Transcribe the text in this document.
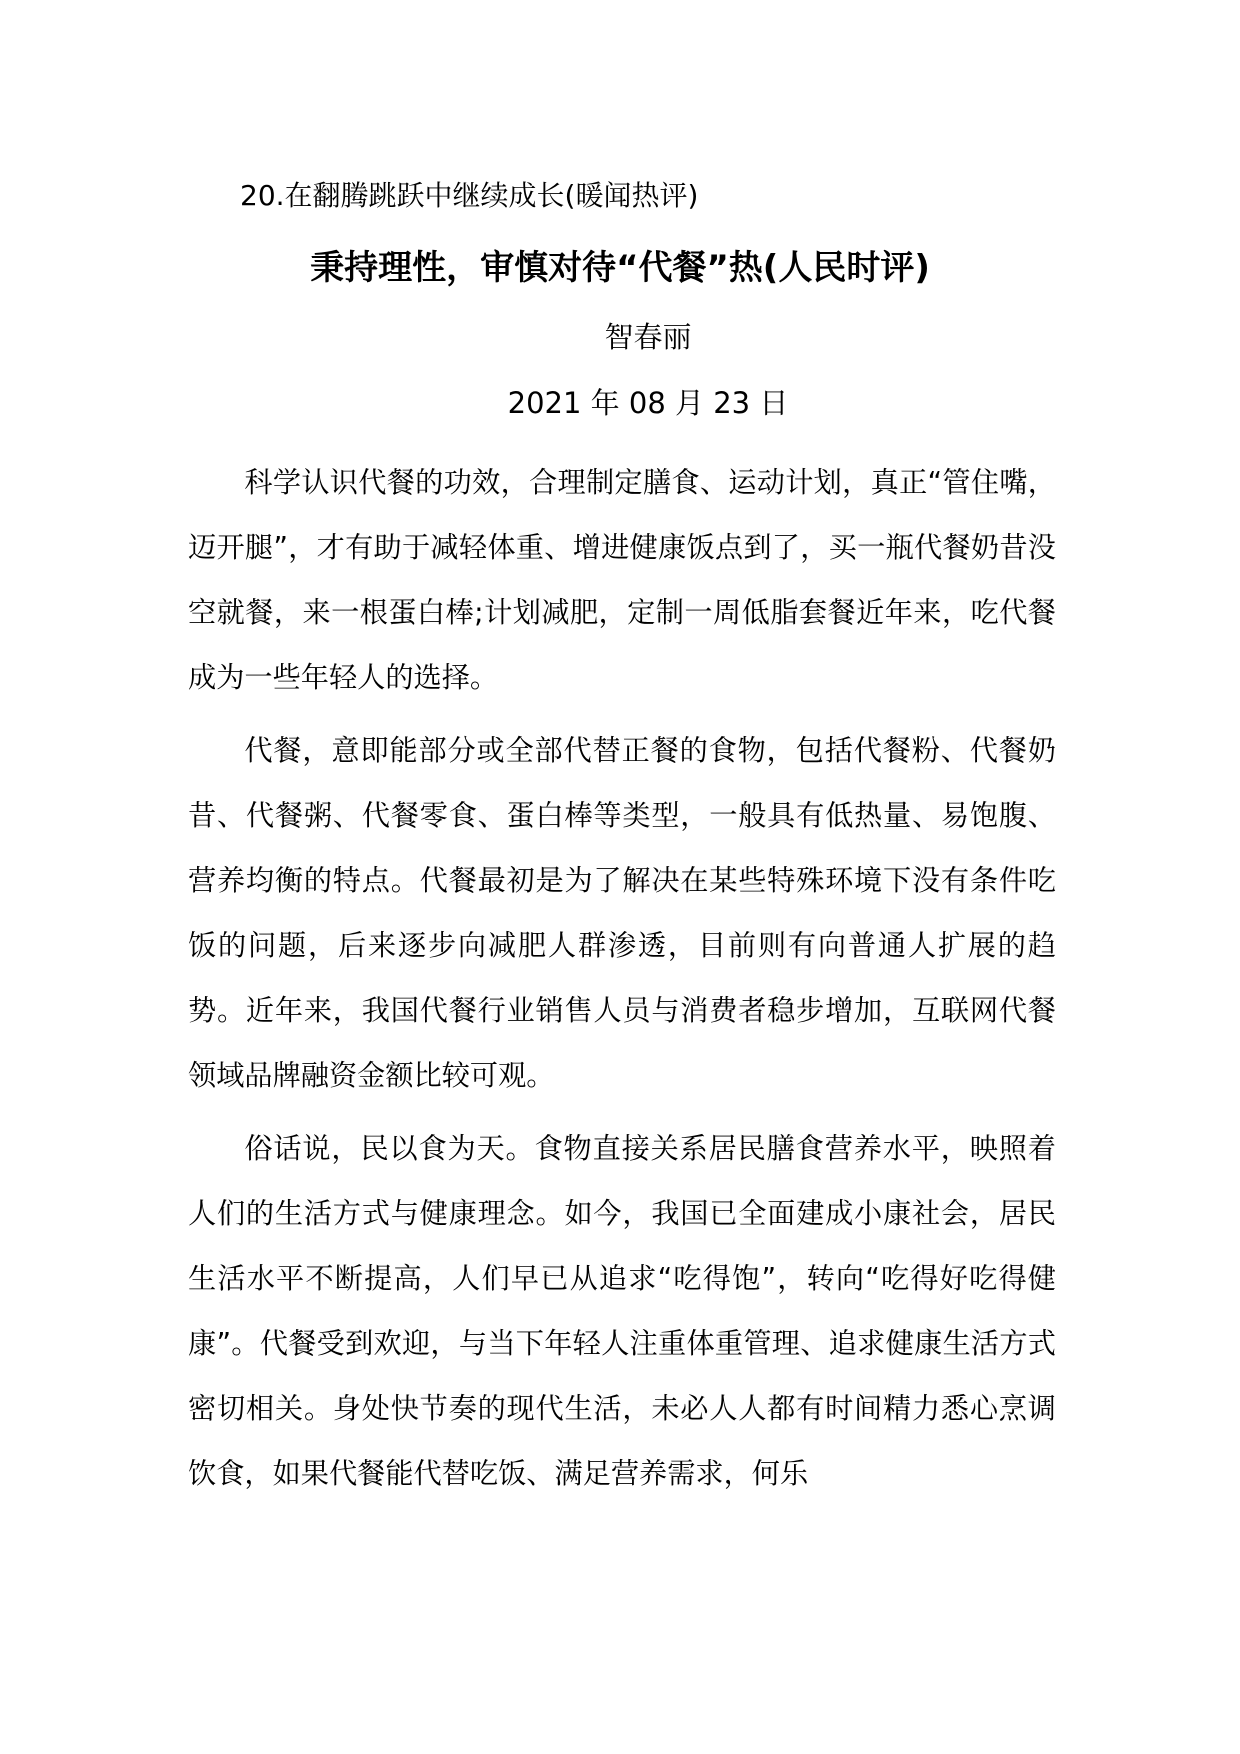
20.在翻腾跳跃中继续成长(暖闻热评)
秉持理性，审慎对待“代餐”热(人民时评)
智春丽
2021 年 08 月 23 日

科学认识代餐的功效，合理制定膳食、运动计划，真正“管住嘴，迈开腿”，才有助于减轻体重、增进健康饭点到了，买一瓶代餐奶昔没空就餐，来一根蛋白棒;计划减肥，定制一周低脂套餐近年来，吃代餐成为一些年轻人的选择。

代餐，意即能部分或全部代替正餐的食物，包括代餐粉、代餐奶昔、代餐粥、代餐零食、蛋白棒等类型，一般具有低热量、易饱腹、营养均衡的特点。代餐最初是为了解决在某些特殊环境下没有条件吃饭的问题，后来逐步向减肥人群渗透，目前则有向普通人扩展的趋势。近年来，我国代餐行业销售人员与消费者稳步增加，互联网代餐领域品牌融资金额比较可观。

俗话说，民以食为天。食物直接关系居民膳食营养水平，映照着人们的生活方式与健康理念。如今，我国已全面建成小康社会，居民生活水平不断提高，人们早已从追求“吃得饱”，转向“吃得好吃得健康”。代餐受到欢迎，与当下年轻人注重体重管理、追求健康生活方式密切相关。身处快节奏的现代生活，未必人人都有时间精力悉心烹调饮食，如果代餐能代替吃饭、满足营养需求，何乐
